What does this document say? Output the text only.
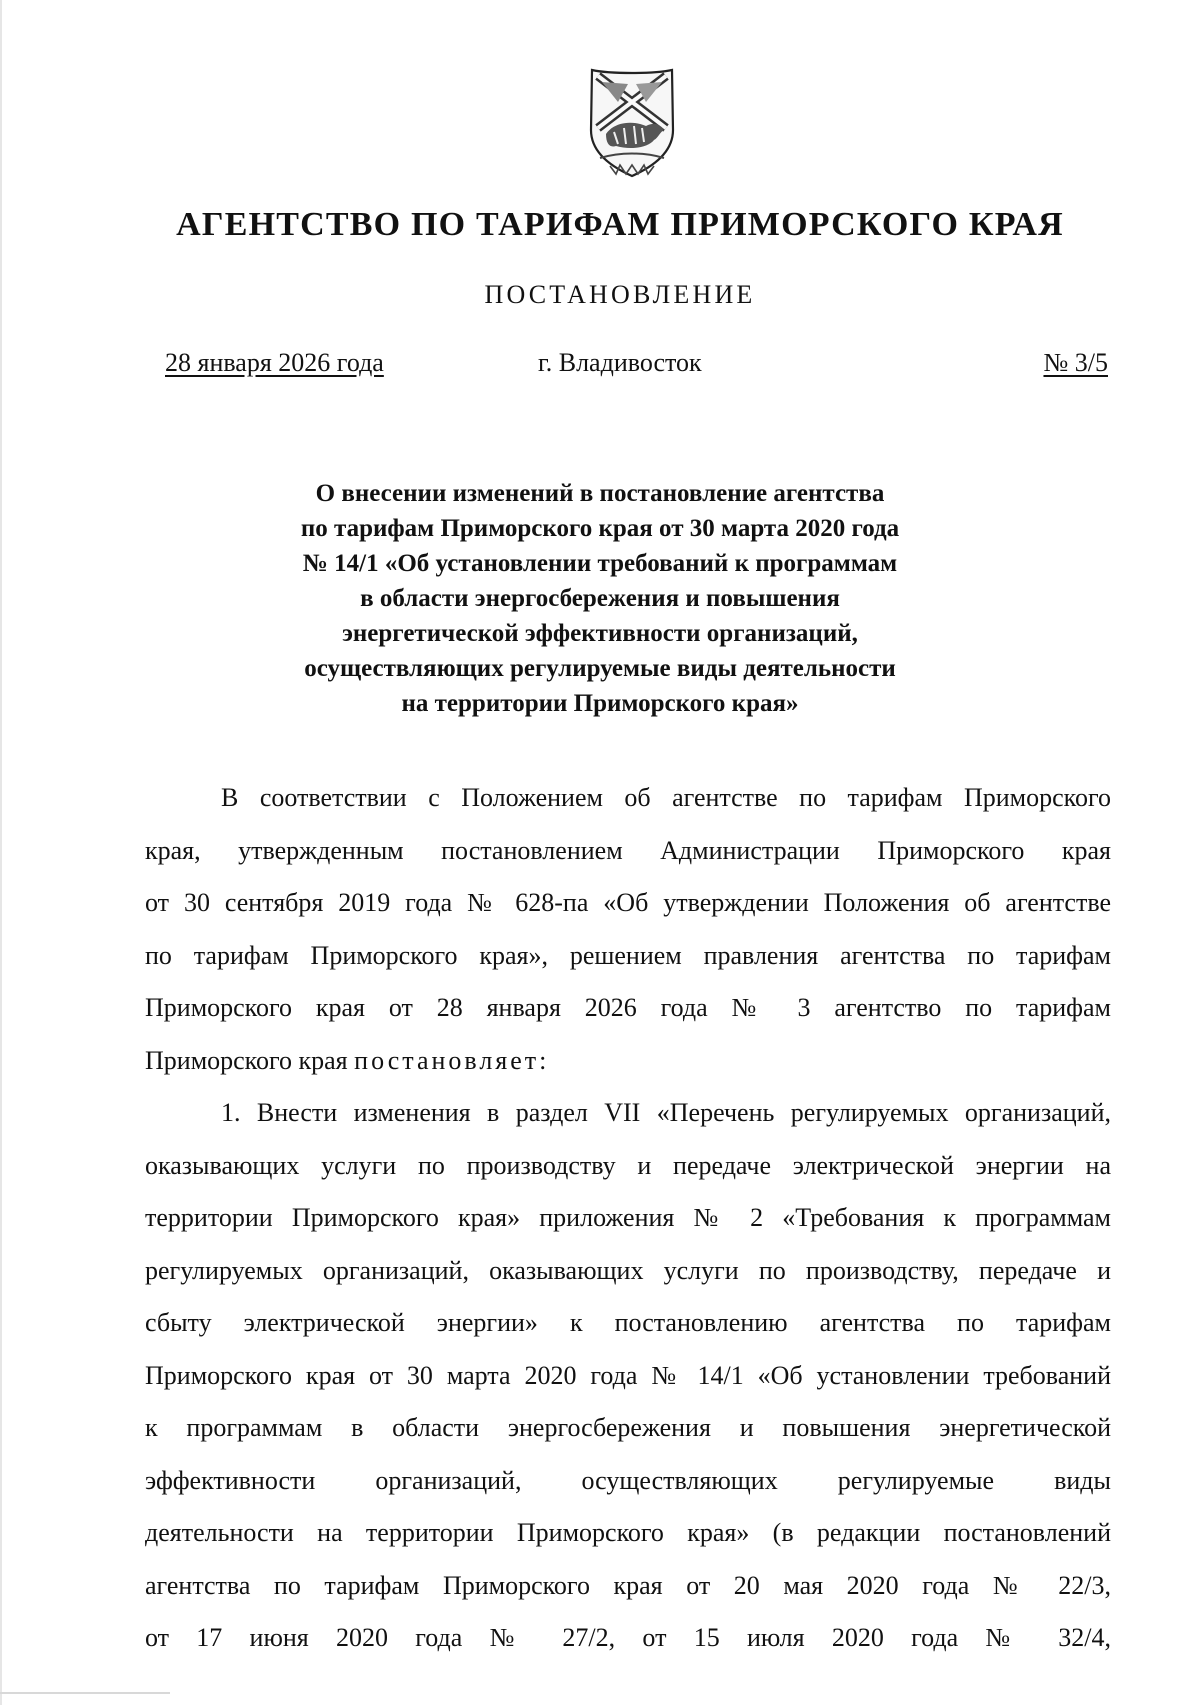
АГЕНТСТВО ПО ТАРИФАМ ПРИМОРСКОГО КРАЯ
ПОСТАНОВЛЕНИЕ
28 января 2026 года	г. Владивосток	№ 3/5
О внесении изменений в постановление агентства
по тарифам Приморского края от 30 марта 2020 года
№ 14/1 «Об установлении требований к программам
в области энергосбережения и повышения
энергетической эффективности организаций,
осуществляющих регулируемые виды деятельности
на территории Приморского края»

В соответствии с Положением об агентстве по тарифам Приморского
края, утвержденным постановлением Администрации Приморского края
от 30 сентября 2019 года № 628-па «Об утверждении Положения об агентстве
по тарифам Приморского края», решением правления агентства по тарифам
Приморского края от 28 января 2026 года № 3 агентство по тарифам
Приморского края постановляет:

1. Внести изменения в раздел VII «Перечень регулируемых организаций,
оказывающих услуги по производству и передаче электрической энергии на
территории Приморского края» приложения № 2 «Требования к программам
регулируемых организаций, оказывающих услуги по производству, передаче и
сбыту электрической энергии» к постановлению агентства по тарифам
Приморского края от 30 марта 2020 года № 14/1 «Об установлении требований
к программам в области энергосбережения и повышения энергетической
эффективности организаций, осуществляющих регулируемые виды
деятельности на территории Приморского края» (в редакции постановлений
агентства по тарифам Приморского края от 20 мая 2020 года № 22/3,
от 17 июня 2020 года № 27/2, от 15 июля 2020 года № 32/4,
